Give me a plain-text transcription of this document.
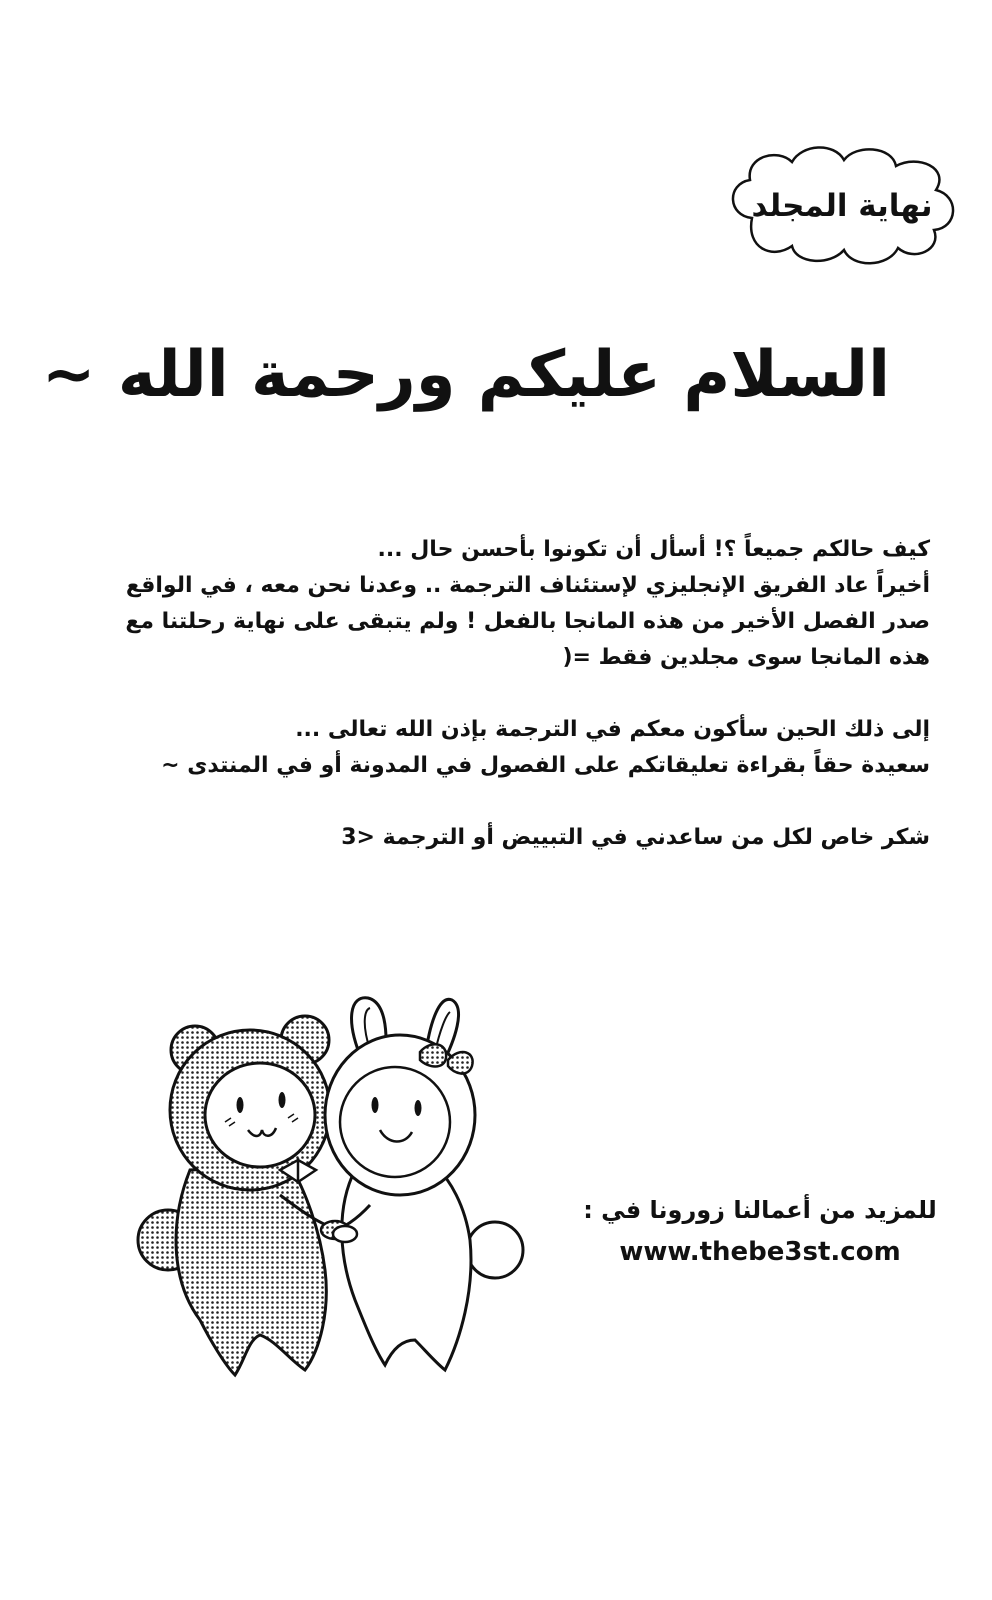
نهاية المجلد
السلام عليكم ورحمة الله ~
كيف حالكم جميعاً ؟! أسأل أن تكونوا بأحسن حال ...
أخيراً عاد الفريق الإنجليزي لإستئناف الترجمة .. وعدنا نحن معه ، في الواقع
صدر الفصل الأخير من هذه المانجا بالفعل ! ولم يتبقى على نهاية رحلتنا مع
هذه المانجا سوى مجلدين فقط =(
إلى ذلك الحين سأكون معكم في الترجمة بإذن الله تعالى ...
سعيدة حقاً بقراءة تعليقاتكم على الفصول في المدونة أو في المنتدى ~
شكر خاص لكل من ساعدني في التبييض أو الترجمة <3
للمزيد من أعمالنا زورونا في :
www.thebe3st.com
